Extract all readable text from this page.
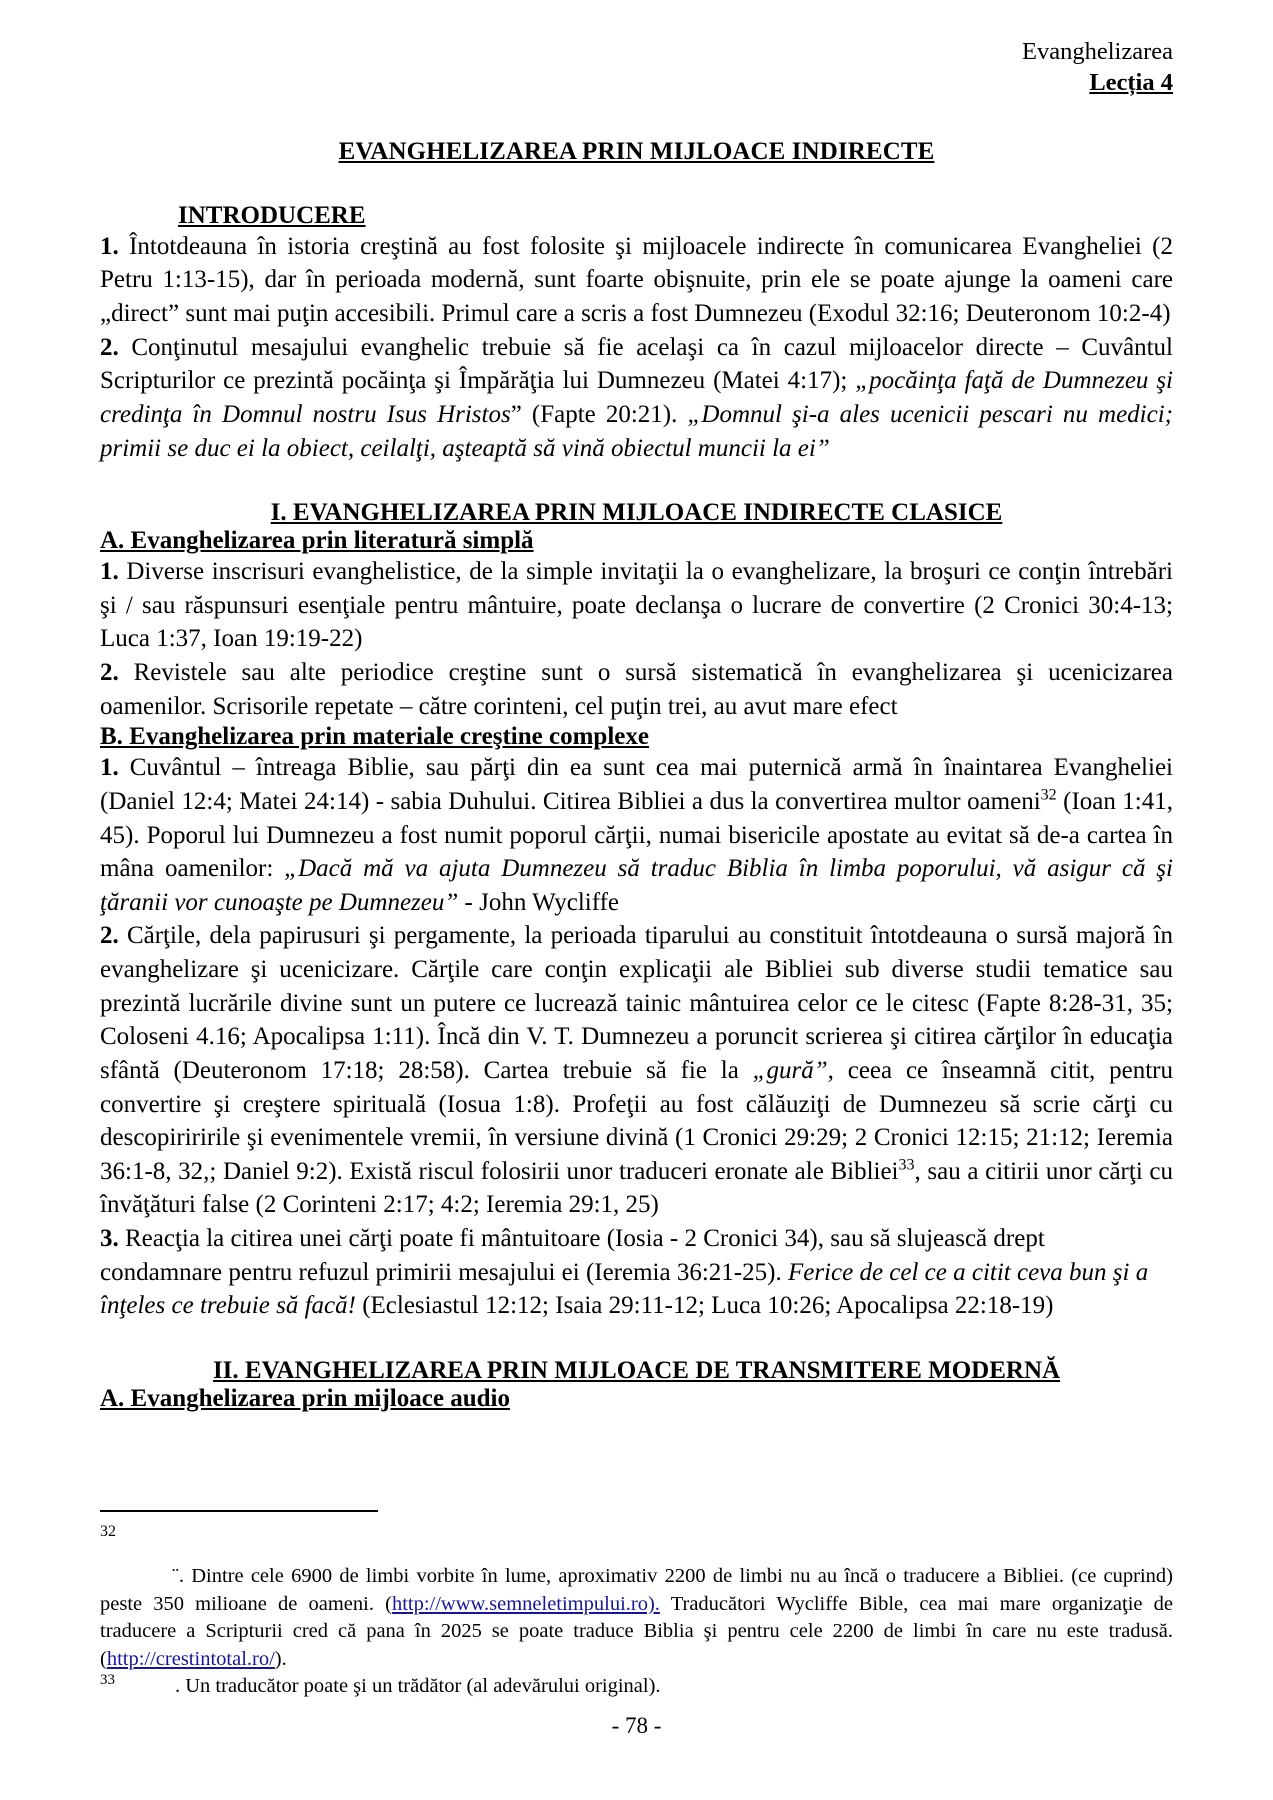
Evanghelizarea
Lecția 4
EVANGHELIZAREA PRIN MIJLOACE INDIRECTE
INTRODUCERE

1. Întotdeauna în istoria creştină au fost folosite şi mijloacele indirecte în comunicarea Evangheliei (2 Petru 1:13-15), dar în perioada modernă, sunt foarte obişnuite, prin ele se poate ajunge la oameni care „direct” sunt mai puţin accesibili. Primul care a scris a fost Dumnezeu (Exodul 32:16; Deuteronom 10:2-4)

2. Conţinutul mesajului evanghelic trebuie să fie acelaşi ca în cazul mijloacelor directe – Cuvântul Scripturilor ce prezintă pocăinţa şi Împărăţia lui Dumnezeu (Matei 4:17); „pocăinţa faţă de Dumnezeu şi credinţa în Domnul nostru Isus Hristos” (Fapte 20:21). „Domnul şi-a ales ucenicii pescari nu medici; primii se duc ei la obiect, ceilalţi, aşteaptă să vină obiectul muncii la ei”

I. EVANGHELIZAREA PRIN MIJLOACE INDIRECTE CLASICE
A. Evanghelizarea prin literatură simplă

1. Diverse inscrisuri evanghelistice, de la simple invitaţii la o evanghelizare, la broşuri ce conţin întrebări şi / sau răspunsuri esenţiale pentru mântuire, poate declanşa o lucrare de convertire (2 Cronici 30:4-13; Luca 1:37, Ioan 19:19-22)

2. Revistele sau alte periodice creştine sunt o sursă sistematică în evanghelizarea şi ucenicizarea oamenilor. Scrisorile repetate – către corinteni, cel puţin trei, au avut mare efect

B. Evanghelizarea prin materiale creştine complexe

1. Cuvântul – întreaga Biblie, sau părţi din ea sunt cea mai puternică armă în înaintarea Evangheliei (Daniel 12:4; Matei 24:14) - sabia Duhului. Citirea Bibliei a dus la convertirea multor oameni$^{32}$ (Ioan 1:41, 45). Poporul lui Dumnezeu a fost numit poporul cărţii, numai bisericile apostate au evitat să de-a cartea în mâna oamenilor: „Dacă mă va ajuta Dumnezeu să traduc Biblia în limba poporului, vă asigur că şi ţăranii vor cunoaşte pe Dumnezeu” - John Wycliffe

2. Cărţile, dela papirusuri şi pergamente, la perioada tiparului au constituit întotdeauna o sursă majoră în evanghelizare şi ucenicizare. Cărţile care conţin explicaţii ale Bibliei sub diverse studii tematice sau prezintă lucrările divine sunt un putere ce lucrează tainic mântuirea celor ce le citesc (Fapte 8:28-31, 35; Coloseni 4.16; Apocalipsa 1:11). Încă din V. T. Dumnezeu a poruncit scrierea şi citirea cărţilor în educaţia sfântă (Deuteronom 17:18; 28:58). Cartea trebuie să fie la „gură”, ceea ce înseamnă citit, pentru convertire şi creştere spirituală (Iosua 1:8). Profeţii au fost călăuziţi de Dumnezeu să scrie cărţi cu descopiriririle şi evenimentele vremii, în versiune divină (1 Cronici 29:29; 2 Cronici 12:15; 21:12; Ieremia 36:1-8, 32,; Daniel 9:2). Există riscul folosirii unor traduceri eronate ale Bibliei$^{33}$, sau a citirii unor cărţi cu învăţături false (2 Corinteni 2:17; 4:2; Ieremia 29:1, 25)

3. Reacţia la citirea unei cărţi poate fi mântuitoare (Iosia - 2 Cronici 34), sau să slujească drept condamnare pentru refuzul primirii mesajului ei (Ieremia 36:21-25). Ferice de cel ce a citit ceva bun şi a înţeles ce trebuie să facă! (Eclesiastul 12:12; Isaia 29:11-12; Luca 10:26; Apocalipsa 22:18-19)

II. EVANGHELIZAREA PRIN MIJLOACE DE TRANSMITERE MODERNĂ
A. Evanghelizarea prin mijloace audio
32

¨. Dintre cele 6900 de limbi vorbite în lume, aproximativ 2200 de limbi nu au încă o traducere a Bibliei. (ce cuprind) peste 350 milioane de oameni. (http://www.semneletimpului.ro). Traducători Wycliffe Bible, cea mai mare organizaţie de traducere a Scripturii cred că pana în 2025 se poate traduce Biblia şi pentru cele 2200 de limbi în care nu este tradusă. (http://crestintotal.ro/).

$^{33}$	. Un traducător poate şi un trădător (al adevărului original).
- 78 -
